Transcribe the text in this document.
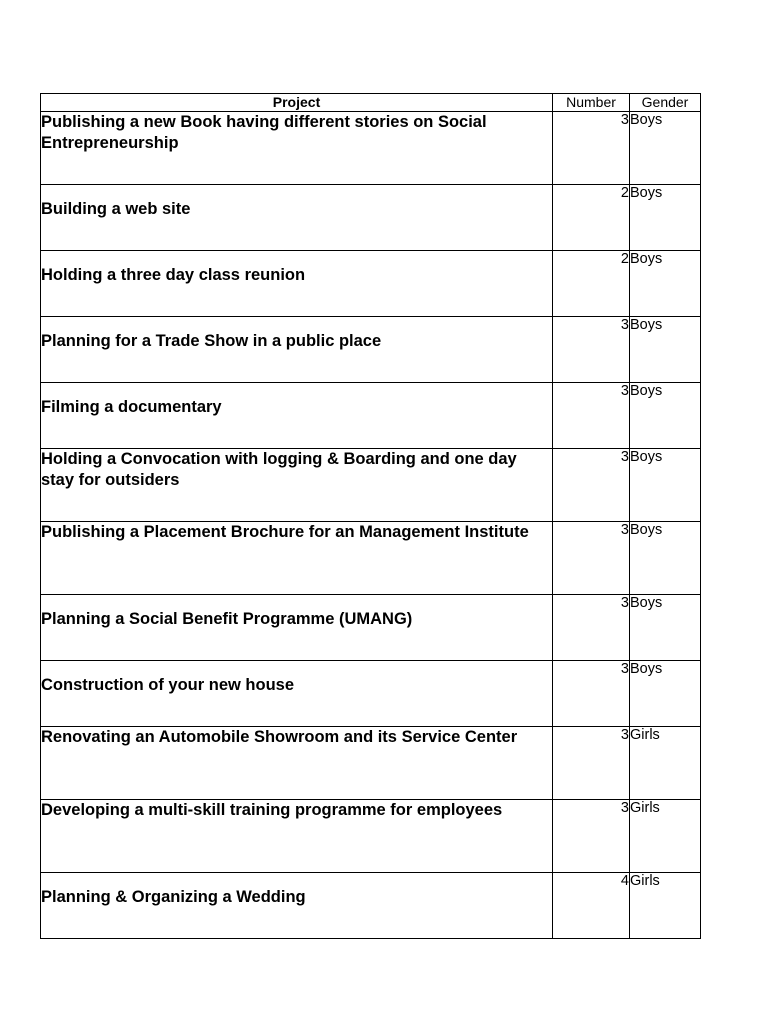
Project	Number	Gender
Publishing a new Book having different stories on Social Entrepreneurship	3	Boys
Building a web site	2	Boys
Holding a three day class reunion	2	Boys
Planning for a Trade Show in a public place	3	Boys
Filming a documentary	3	Boys
Holding a Convocation with logging & Boarding and one day stay for outsiders	3	Boys
Publishing a Placement Brochure for an Management Institute	3	Boys
Planning a Social Benefit Programme (UMANG)	3	Boys
Construction of your new house	3	Boys
Renovating an Automobile Showroom and its Service Center	3	Girls
Developing a multi-skill training programme for employees	3	Girls
Planning & Organizing a Wedding	4	Girls
